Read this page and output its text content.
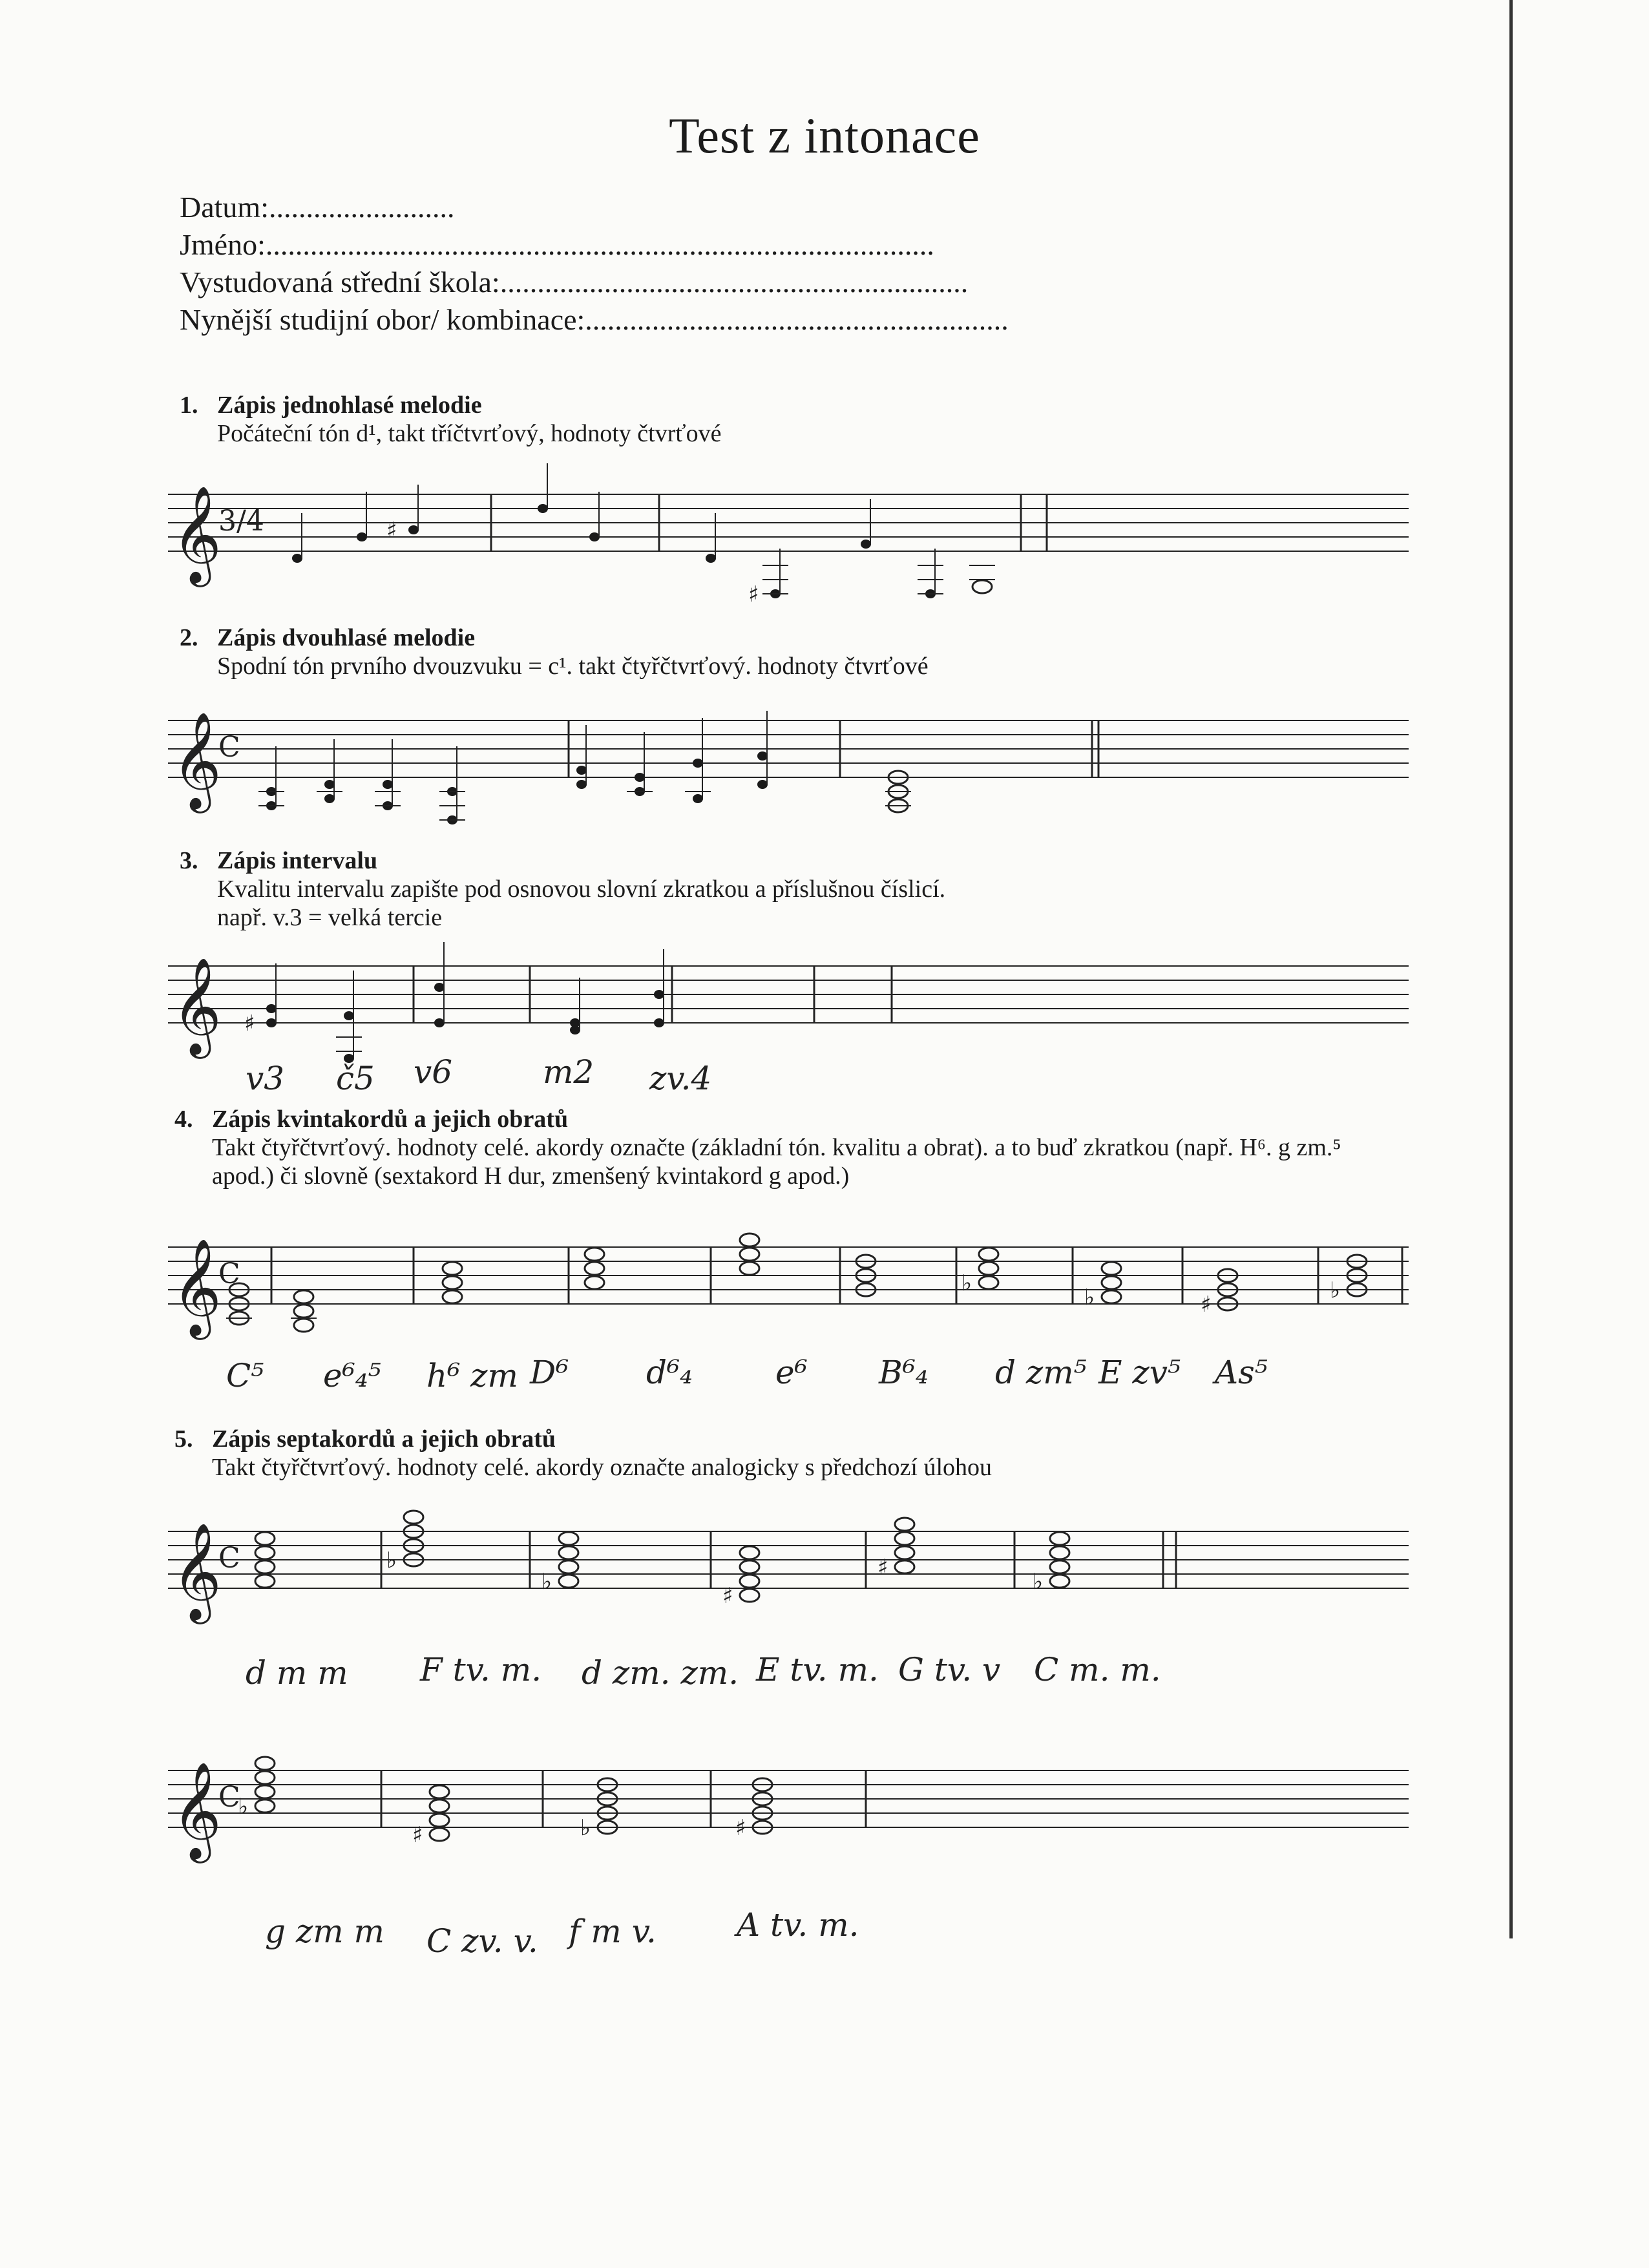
Test z intonace
Datum:.........................
Jméno:..........................................................................................
Vystudovaná střední škola:...............................................................
Nynější studijní obor/ kombinace:.........................................................
1. Zápis jednohlasé melodie
Počáteční tón d¹, takt tříčtvrťový, hodnoty čtvrťové
𝄞
3/4	♯
♯
2. Zápis dvouhlasé melodie
Spodní tón prvního dvouzvuku = c¹. takt čtyřčtvrťový. hodnoty čtvrťové
𝄞
C
3. Zápis intervalu
Kvalitu intervalu zapište pod osnovou slovní zkratkou a příslušnou číslicí.
např. v.3 = velká tercie
𝄞 ♯
v3 č5 v6	m2 zv.4
4. Zápis kvintakordů a jejich obratů
Takt čtyřčtvrťový. hodnoty celé. akordy označte (základní tón. kvalitu a obrat). a to buď zkratkou (např. H⁶. g zm.⁵
apod.) či slovně (sextakord H dur, zmenšený kvintakord g apod.)
𝄞
C	♭
♭	♯
♭
C⁵ e⁶₄⁵ h⁶ zm D⁶ d⁶₄	e⁶ B⁶₄ d zm⁵ E zv⁵ As⁵
5. Zápis septakordů a jejich obratů
Takt čtyřčtvrťový. hodnoty celé. akordy označte analogicky s předchozí úlohou
𝄞
C	♭
♭
♯
♯
♭
d m m F tv. m. d zm. zm. E tv. m. G tv. v C m. m.
𝄞
C
♭
♯	♭	♯
g zm m C zv. v. f m v. A tv. m.
